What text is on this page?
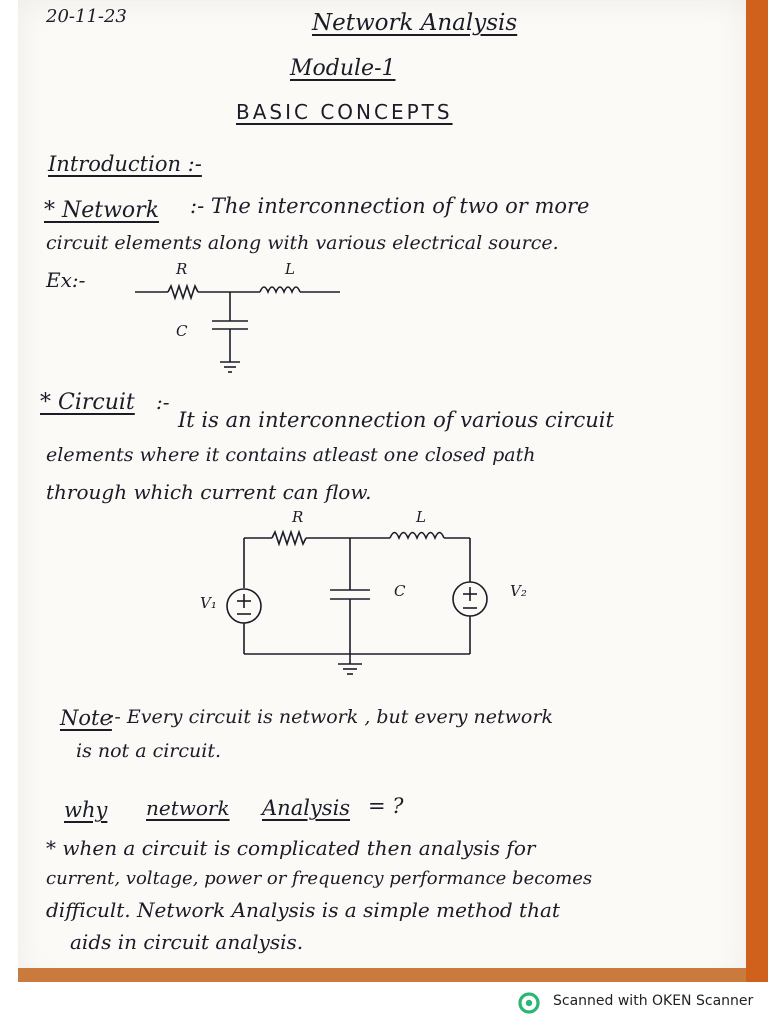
20-11-23	Network Analysis
Module-1
BASIC CONCEPTS
Introduction :-
* Network :- The interconnection of two or more
circuit elements along with various electrical source.
Ex:-	R	L
C
* Circuit :-
It is an interconnection of various circuit
elements where it contains atleast one closed path
through which current can flow.
R	L
C
V₁
V₂
Note
:- Every circuit is network , but every network
is not a circuit.
why network Analysis = ?
* when a circuit is complicated then analysis for
current, voltage, power or frequency performance becomes
difficult. Network Analysis is a simple method that
aids in circuit analysis.
Scanned with OKEN Scanner
